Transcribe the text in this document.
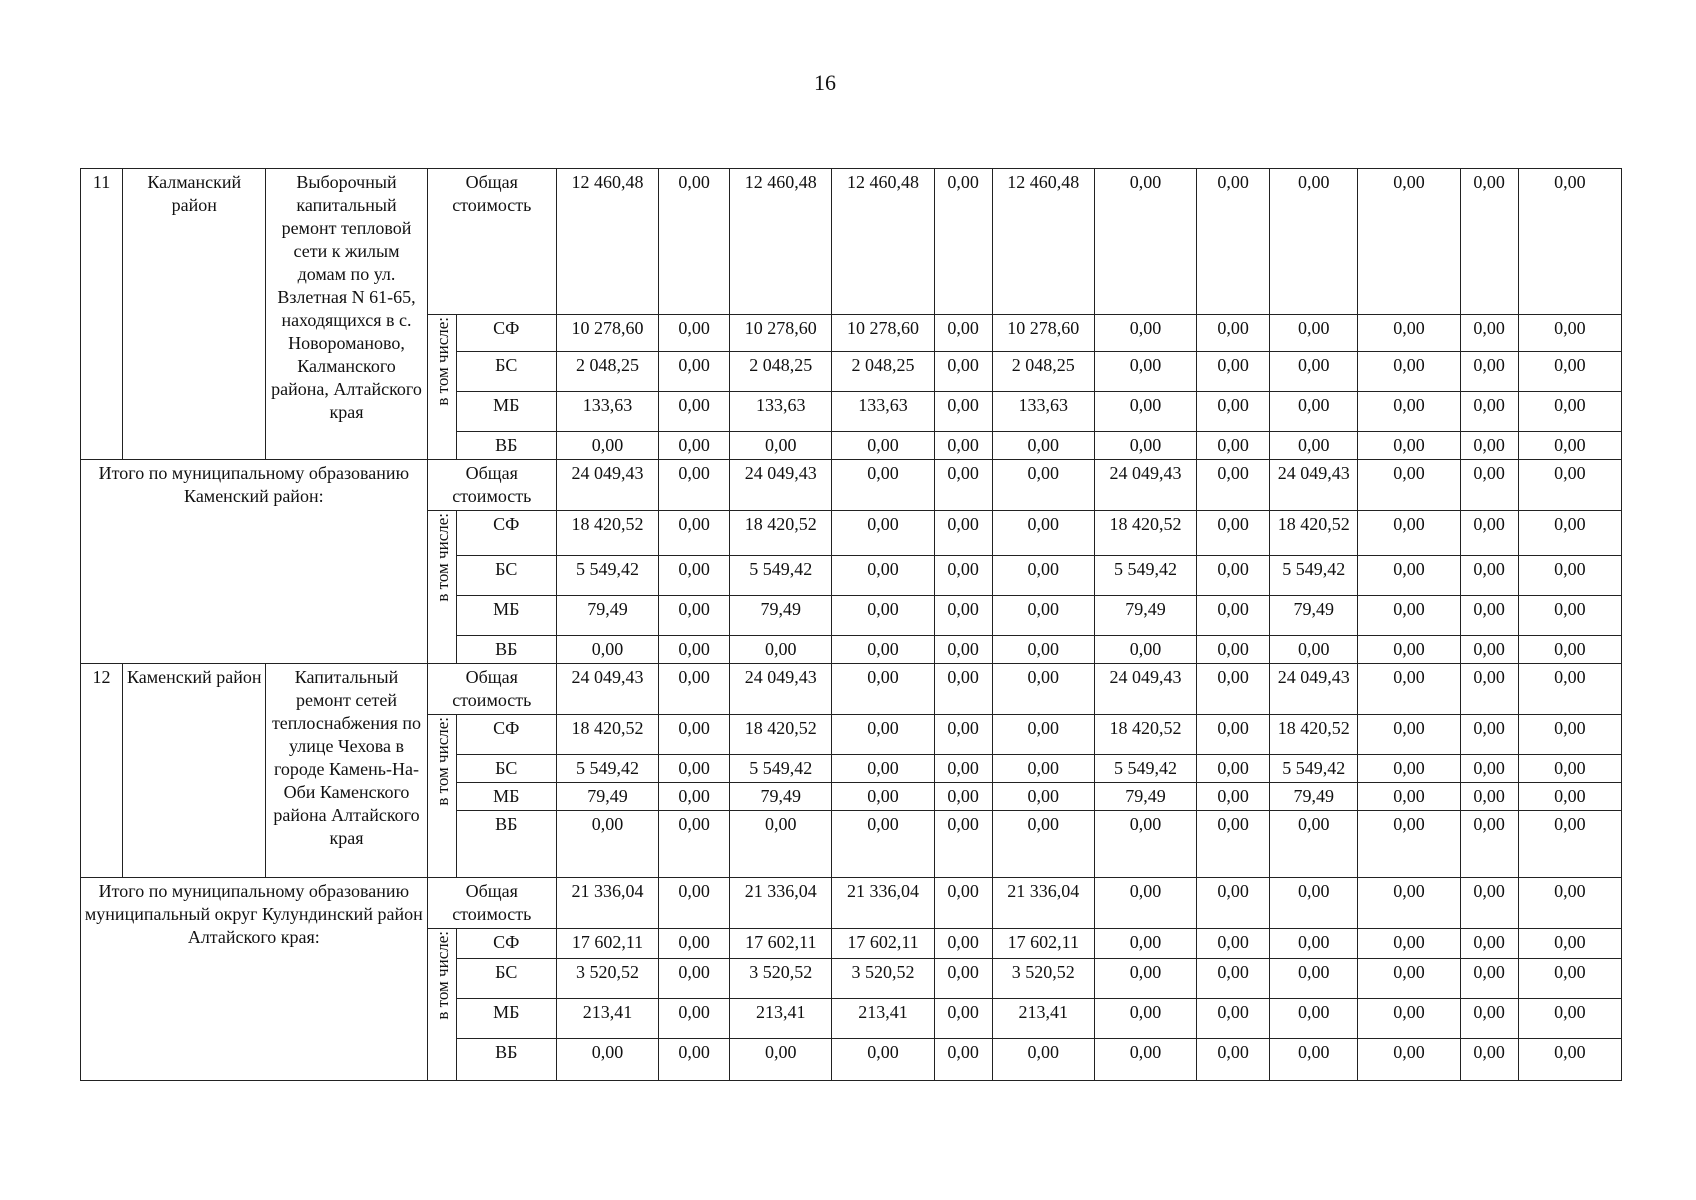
16
11	Калманский район	Выборочный капитальный ремонт тепловой сети к жилым домам по ул. Взлетная N 61-65, находящихся в с. Новороманово, Калманского района, Алтайского края	Общая стоимость		12 460,48	0,00	12 460,48	12 460,48	0,00	12 460,48	0,00	0,00	0,00	0,00	0,00	0,00
			в том числе:	СФ	10 278,60	0,00	10 278,60	10 278,60	0,00	10 278,60	0,00	0,00	0,00	0,00	0,00	0,00
				БС	2 048,25	0,00	2 048,25	2 048,25	0,00	2 048,25	0,00	0,00	0,00	0,00	0,00	0,00
				МБ	133,63	0,00	133,63	133,63	0,00	133,63	0,00	0,00	0,00	0,00	0,00	0,00
				ВБ	0,00	0,00	0,00	0,00	0,00	0,00	0,00	0,00	0,00	0,00	0,00	0,00
Итого по муниципальному образованию Каменский район:			Общая стоимость		24 049,43	0,00	24 049,43	0,00	0,00	0,00	24 049,43	0,00	24 049,43	0,00	0,00	0,00
			в том числе:	СФ	18 420,52	0,00	18 420,52	0,00	0,00	0,00	18 420,52	0,00	18 420,52	0,00	0,00	0,00
				БС	5 549,42	0,00	5 549,42	0,00	0,00	0,00	5 549,42	0,00	5 549,42	0,00	0,00	0,00
				МБ	79,49	0,00	79,49	0,00	0,00	0,00	79,49	0,00	79,49	0,00	0,00	0,00
				ВБ	0,00	0,00	0,00	0,00	0,00	0,00	0,00	0,00	0,00	0,00	0,00	0,00
12	Каменский район	Капитальный ремонт сетей теплоснабжения по улице Чехова в городе Камень-На-Оби Каменского района Алтайского края	Общая стоимость		24 049,43	0,00	24 049,43	0,00	0,00	0,00	24 049,43	0,00	24 049,43	0,00	0,00	0,00
			в том числе:	СФ	18 420,52	0,00	18 420,52	0,00	0,00	0,00	18 420,52	0,00	18 420,52	0,00	0,00	0,00
				БС	5 549,42	0,00	5 549,42	0,00	0,00	0,00	5 549,42	0,00	5 549,42	0,00	0,00	0,00
				МБ	79,49	0,00	79,49	0,00	0,00	0,00	79,49	0,00	79,49	0,00	0,00	0,00
				ВБ	0,00	0,00	0,00	0,00	0,00	0,00	0,00	0,00	0,00	0,00	0,00	0,00
Итого по муниципальному образованию муниципальный округ Кулундинский район Алтайского края:			Общая стоимость		21 336,04	0,00	21 336,04	21 336,04	0,00	21 336,04	0,00	0,00	0,00	0,00	0,00	0,00
			в том числе:	СФ	17 602,11	0,00	17 602,11	17 602,11	0,00	17 602,11	0,00	0,00	0,00	0,00	0,00	0,00
				БС	3 520,52	0,00	3 520,52	3 520,52	0,00	3 520,52	0,00	0,00	0,00	0,00	0,00	0,00
				МБ	213,41	0,00	213,41	213,41	0,00	213,41	0,00	0,00	0,00	0,00	0,00	0,00
				ВБ	0,00	0,00	0,00	0,00	0,00	0,00	0,00	0,00	0,00	0,00	0,00	0,00
